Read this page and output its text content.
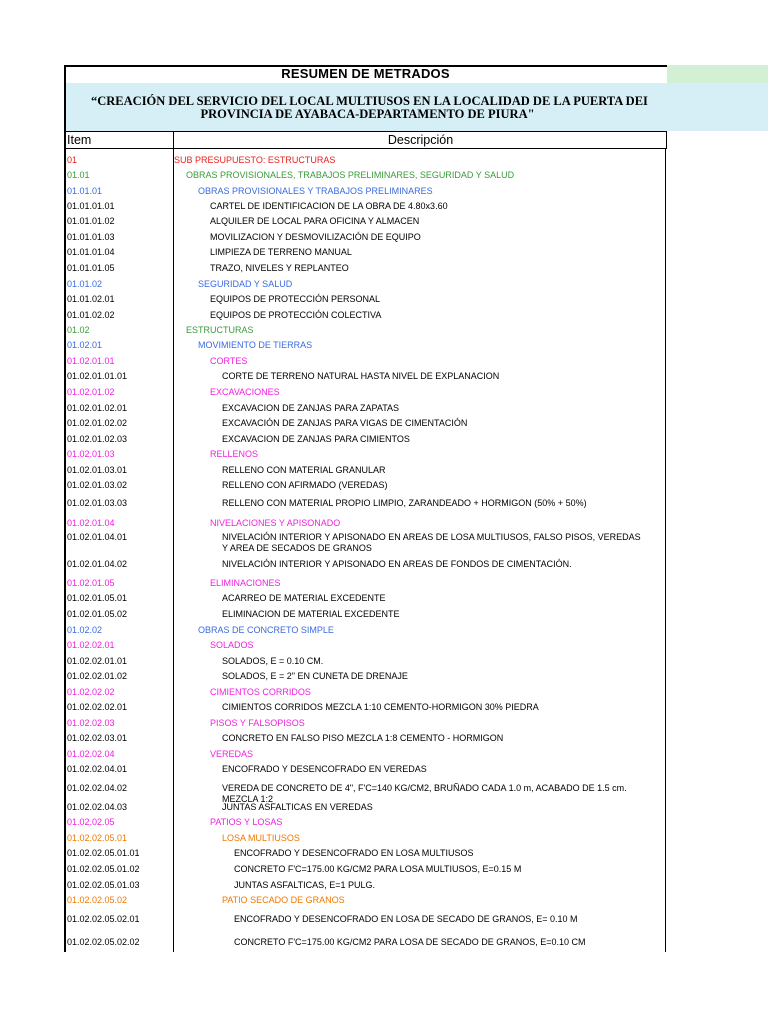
RESUMEN DE METRADOS
“CREACIÓN DEL SERVICIO DEL LOCAL MULTIUSOS EN LA LOCALIDAD DE LA PUERTA DEI
PROVINCIA DE AYABACA-DEPARTAMENTO DE PIURA"
Item	Descripción
01	SUB PRESUPUESTO: ESTRUCTURAS
01.01	OBRAS PROVISIONALES, TRABAJOS PRELIMINARES, SEGURIDAD Y SALUD
01.01.01	OBRAS PROVISIONALES Y TRABAJOS PRELIMINARES
01.01.01.01	CARTEL DE IDENTIFICACION DE LA OBRA DE 4.80x3.60
01.01.01.02	ALQUILER DE LOCAL PARA OFICINA Y ALMACEN
01.01.01.03	MOVILIZACION Y DESMOVILIZACIÓN DE EQUIPO
01.01.01.04	LIMPIEZA DE TERRENO MANUAL
01.01.01.05	TRAZO, NIVELES Y REPLANTEO
01.01.02	SEGURIDAD Y SALUD
01.01.02.01	EQUIPOS DE PROTECCIÓN PERSONAL
01.01.02.02	EQUIPOS DE PROTECCIÓN COLECTIVA
01.02	ESTRUCTURAS
01.02.01	MOVIMIENTO DE TIERRAS
01.02.01.01	CORTES
01.02.01.01.01	CORTE DE TERRENO NATURAL HASTA NIVEL DE EXPLANACION
01.02.01.02	EXCAVACIONES
01.02.01.02.01	EXCAVACION DE ZANJAS PARA ZAPATAS
01.02.01.02.02	EXCAVACIÓN DE ZANJAS PARA VIGAS DE CIMENTACIÓN
01.02.01.02.03	EXCAVACION DE ZANJAS PARA CIMIENTOS
01.02.01.03	RELLENOS
01.02.01.03.01	RELLENO CON MATERIAL GRANULAR
01.02.01.03.02	RELLENO CON AFIRMADO (VEREDAS)
01.02.01.03.03	RELLENO CON MATERIAL PROPIO LIMPIO, ZARANDEADO + HORMIGON (50% + 50%)
01.02.01.04	NIVELACIONES Y APISONADO
01.02.01.04.01	NIVELACIÓN INTERIOR Y APISONADO EN AREAS DE LOSA MULTIUSOS, FALSO PISOS, VEREDAS Y AREA DE SECADOS DE GRANOS
01.02.01.04.02	NIVELACIÓN INTERIOR Y APISONADO EN AREAS DE FONDOS DE CIMENTACIÓN.
01.02.01.05	ELIMINACIONES
01.02.01.05.01	ACARREO DE MATERIAL EXCEDENTE
01.02.01.05.02	ELIMINACION DE MATERIAL EXCEDENTE
01.02.02	OBRAS DE CONCRETO SIMPLE
01.02.02.01	SOLADOS
01.02.02.01.01	SOLADOS, E = 0.10 CM.
01.02.02.01.02	SOLADOS, E = 2" EN CUNETA DE DRENAJE
01.02.02.02	CIMIENTOS CORRIDOS
01.02.02.02.01	CIMIENTOS CORRIDOS MEZCLA 1:10 CEMENTO-HORMIGON 30% PIEDRA
01.02.02.03	PISOS Y FALSOPISOS
01.02.02.03.01	CONCRETO EN FALSO PISO MEZCLA 1:8 CEMENTO - HORMIGON
01.02.02.04	VEREDAS
01.02.02.04.01	ENCOFRADO Y DESENCOFRADO EN VEREDAS
01.02.02.04.02	VEREDA DE CONCRETO DE 4", F'C=140 KG/CM2, BRUÑADO CADA 1.0 m, ACABADO DE 1.5 cm. MEZCLA 1:2
01.02.02.04.03	JUNTAS ASFALTICAS EN VEREDAS
01.02.02.05	PATIOS Y LOSAS
01.02.02.05.01	LOSA MULTIUSOS
01.02.02.05.01.01	ENCOFRADO Y DESENCOFRADO EN LOSA MULTIUSOS
01.02.02.05.01.02	CONCRETO F'C=175.00 KG/CM2 PARA LOSA MULTIUSOS, E=0.15 M
01.02.02.05.01.03	JUNTAS ASFALTICAS, E=1 PULG.
01.02.02.05.02	PATIO SECADO DE GRANOS
01.02.02.05.02.01	ENCOFRADO Y DESENCOFRADO EN LOSA DE SECADO DE GRANOS, E= 0.10 M
01.02.02.05.02.02	CONCRETO F'C=175.00 KG/CM2 PARA LOSA DE SECADO DE GRANOS, E=0.10 CM
